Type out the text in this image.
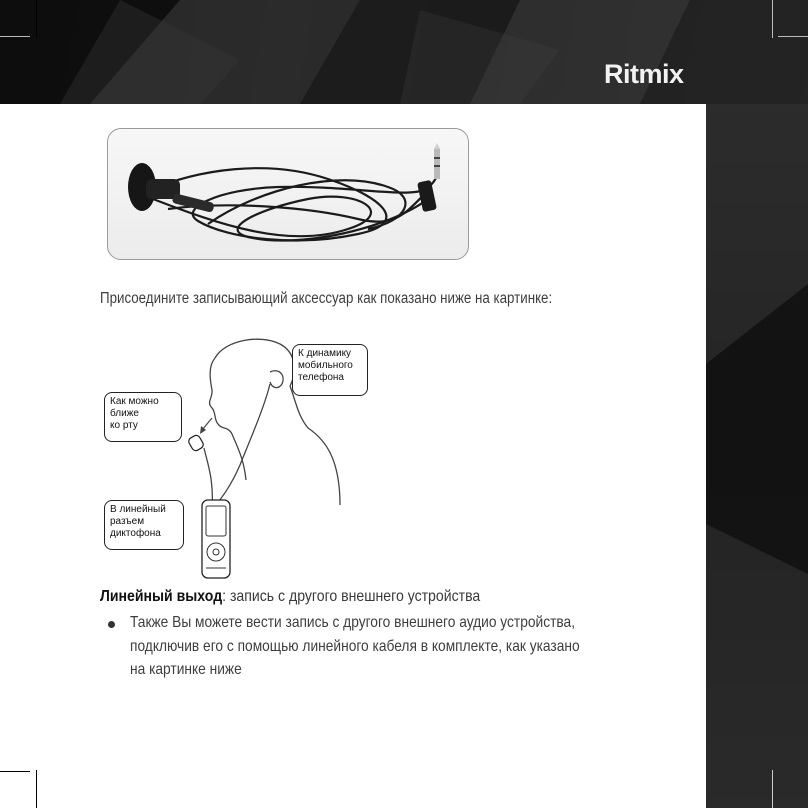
Ritmix
Присоедините записывающий аксессуар как показано ниже на картинке:
Как можно
ближе
ко рту
К динамику
мобильного
телефона
В линейный
разъем
диктофона
Линейный выход: запись с другого внешнего устройства
Также Вы можете вести запись с другого внешнего аудио устройства,
подключив его с помощью линейного кабеля в комплекте, как указано
на картинке ниже
